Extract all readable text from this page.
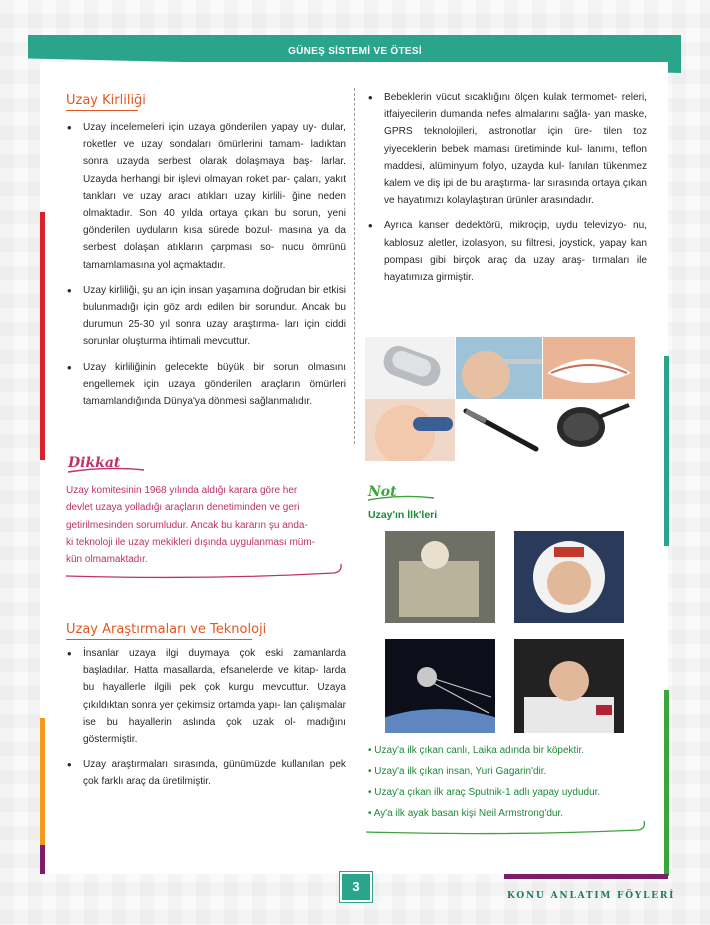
GÜNEŞ SİSTEMİ VE ÖTESİ
Uzay Kirliliği
• Uzay incelemeleri için uzaya gönderilen yapay uy- dular, roketler ve uzay sondaları ömürlerini tamam- ladıktan sonra uzayda serbest olarak dolaşmaya baş- larlar. Uzayda herhangi bir işlevi olmayan roket par- çaları, yakıt tankları ve uzay aracı atıkları uzay kirlili- ğine neden olmaktadır. Son 40 yılda ortaya çıkan bu sorun, yeni gönderilen uyduların kısa sürede bozul- masına ya da serbest dolaşan atıkların çarpması so- nucu ömrünü tamamlamasına yol açmaktadır.
• Uzay kirliliği, şu an için insan yaşamına doğrudan bir etkisi bulunmadığı için göz ardı edilen bir sorundur. Ancak bu durumun 25-30 yıl sonra uzay araştırma- ları için ciddi sorunlar oluşturma ihtimali mevcuttur.
• Uzay kirliliğinin gelecekte büyük bir sorun olmasını engellemek için uzaya gönderilen araçların ömürleri tamamlandığında Dünya'ya dönmesi sağlanmalıdır.
Dikkat
Uzay komitesinin 1968 yılında aldığı karara göre her
devlet uzaya yolladığı araçların denetiminden ve geri
getirilmesinden sorumludur. Ancak bu kararın şu anda-
ki teknoloji ile uzay mekikleri dışında uygulanması müm-
kün olmamaktadır.
Uzay Araştırmaları ve Teknoloji
• İnsanlar uzaya ilgi duymaya çok eski zamanlarda başladılar. Hatta masallarda, efsanelerde ve kitap- larda bu hayallerle ilgili pek çok kurgu mevcuttur. Uzaya çıkıldıktan sonra yer çekimsiz ortamda yapı- lan çalışmalar ise bu hayallerin aslında çok uzak ol- madığını göstermiştir.
• Uzay araştırmaları sırasında, günümüzde kullanılan pek çok farklı araç da üretilmiştir.
• Bebeklerin vücut sıcaklığını ölçen kulak termomet- releri, itfaiyecilerin dumanda nefes almalarını sağla- yan maske, GPRS teknolojileri, astronotlar için üre- tilen toz yiyeceklerin bebek maması üretiminde kul- lanımı, teflon maddesi, alüminyum folyo, uzayda kul- lanılan tükenmez kalem ve diş ipi de bu araştırma- lar sırasında ortaya çıkan ve hayatımızı kolaylaştıran ürünler arasındadır.
• Ayrıca kanser dedektörü, mikroçip, uydu televizyo- nu, kablosuz aletler, izolasyon, su filtresi, joystick, yapay kan pompası gibi birçok araç da uzay araş- tırmaları ile hayatımıza girmiştir.
Not
Uzay'ın İlk'leri
• Uzay'a ilk çıkan canlı, Laika adında bir köpektir.
• Uzay'a ilk çıkan insan, Yuri Gagarin'dir.
• Uzay'a çıkan ilk araç Sputnik-1 adlı yapay uydudur.
• Ay'a ilk ayak basan kişi Neil Armstrong'dur.
3
KONU ANLATIM FÖYLERİ
